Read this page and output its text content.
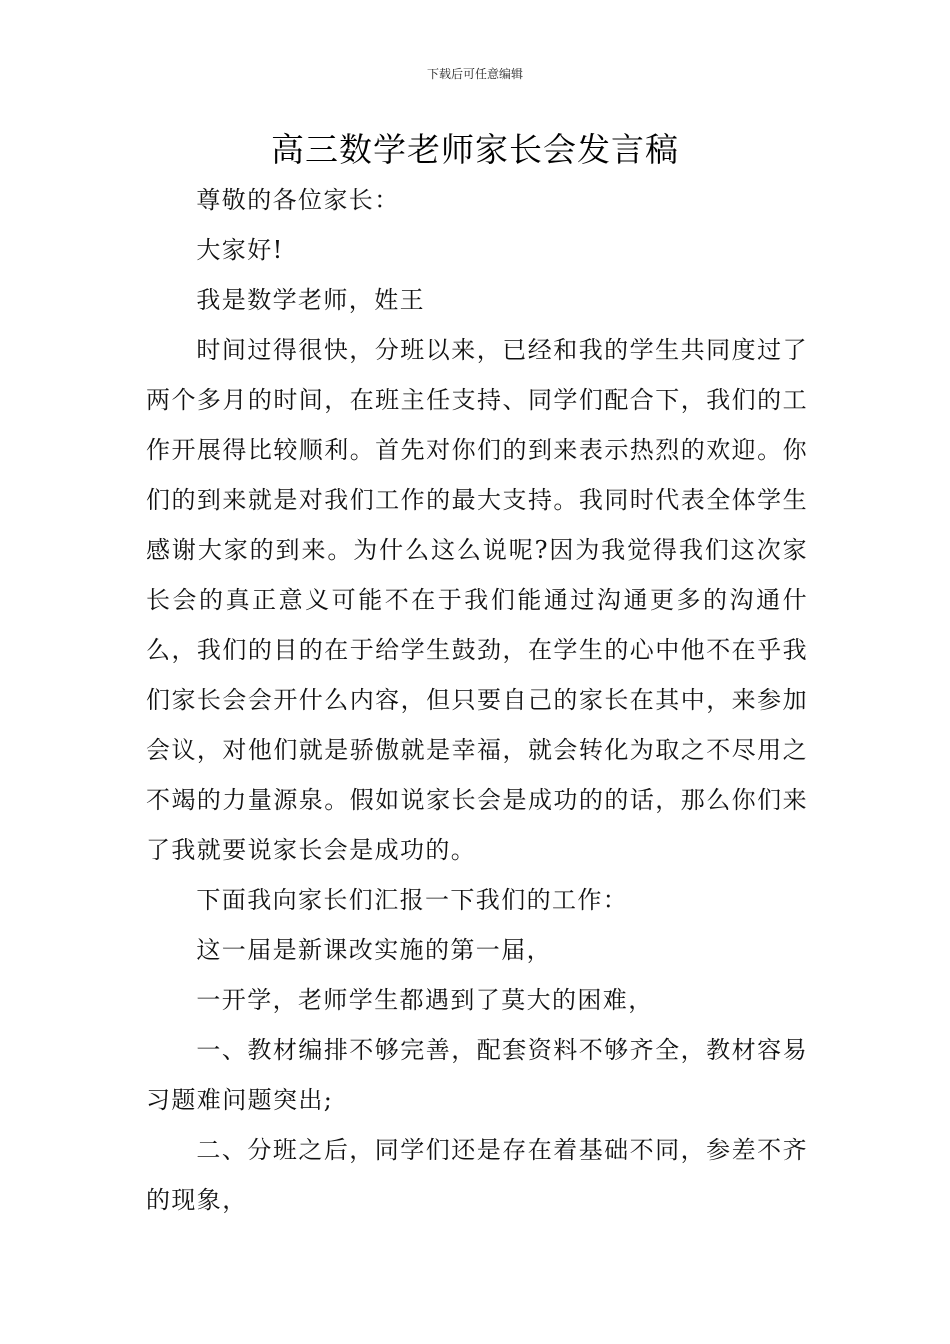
下载后可任意编辑
高三数学老师家长会发言稿

尊敬的各位家长：

大家好!

我是数学老师，姓王

时间过得很快，分班以来，已经和我的学生共同度过了两个多月的时间，在班主任支持、同学们配合下，我们的工作开展得比较顺利。首先对你们的到来表示热烈的欢迎。你们的到来就是对我们工作的最大支持。我同时代表全体学生感谢大家的到来。为什么这么说呢?因为我觉得我们这次家长会的真正意义可能不在于我们能通过沟通更多的沟通什么，我们的目的在于给学生鼓劲，在学生的心中他不在乎我们家长会会开什么内容，但只要自己的家长在其中，来参加会议，对他们就是骄傲就是幸福，就会转化为取之不尽用之不竭的力量源泉。假如说家长会是成功的的话，那么你们来了我就要说家长会是成功的。

下面我向家长们汇报一下我们的工作：

这一届是新课改实施的第一届，

一开学，老师学生都遇到了莫大的困难，

一、教材编排不够完善，配套资料不够齐全，教材容易习题难问题突出;

二、分班之后，同学们还是存在着基础不同，参差不齐的现象，
